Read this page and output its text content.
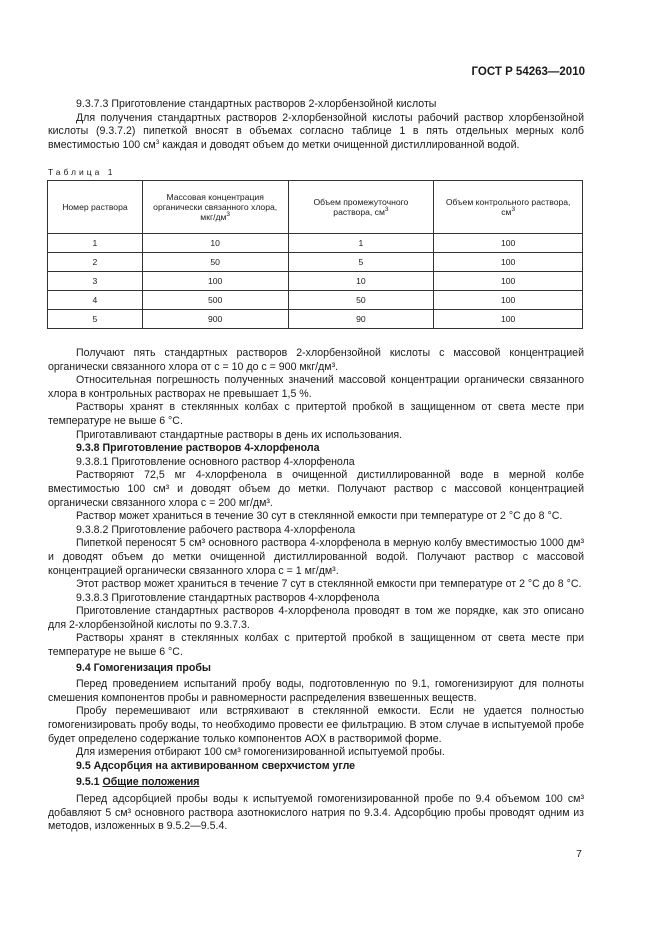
ГОСТ Р 54263—2010

9.3.7.3 Приготовление стандартных растворов 2-хлорбензойной кислоты

Для получения стандартных растворов 2-хлорбензойной кислоты рабочий раствор хлорбензойной кислоты (9.3.7.2) пипеткой вносят в объемах согласно таблице 1 в пять отдельных мерных колб вместимостью 100 $см^3$ каждая и доводят объем до метки очищенной дистиллированной водой.

Таблица 1
Номер раствора	Массовая концентрация органически связанного хлора, мкг/$дм^3$	Объем промежуточного раствора, $см^3$	Объем контрольного раствора, $см^3$
1	10	1	100
2	50	5	100
3	100	10	100
4	500	50	100
5	900	90	100

Получают пять стандартных растворов 2-хлорбензойной кислоты с массовой концентрацией органически связанного хлора от c = 10 до c = 900 мкг/дм³.

Относительная погрешность полученных значений массовой концентрации органически связанного хлора в контрольных растворах не превышает 1,5 %.

Растворы хранят в стеклянных колбах с притертой пробкой в защищенном от света месте при температуре не выше 6 °С.

Приготавливают стандартные растворы в день их использования.

9.3.8 Приготовление растворов 4-хлорфенола

9.3.8.1 Приготовление основного раствор 4-хлорфенола

Растворяют 72,5 мг 4-хлорфенола в очищенной дистиллированной воде в мерной колбе вместимостью 100 см³ и доводят объем до метки. Получают раствор с массовой концентрацией органически связанного хлора c = 200 мг/дм³.

Раствор может храниться в течение 30 сут в стеклянной емкости при температуре от 2 °С до 8 °С.

9.3.8.2 Приготовление рабочего раствора 4-хлорфенола

Пипеткой переносят 5 см³ основного раствора 4-хлорфенола в мерную колбу вместимостью 1000 дм³ и доводят объем до метки очищенной дистиллированной водой. Получают раствор с массовой концентрацией органически связанного хлора c = 1 мг/дм³.

Этот раствор может храниться в течение 7 сут в стеклянной емкости при температуре от 2 °С до 8 °С.

9.3.8.3 Приготовление стандартных растворов 4-хлорфенола

Приготовление стандартных растворов 4-хлорфенола проводят в том же порядке, как это описано для 2-хлорбензойной кислоты по 9.3.7.3.

Растворы хранят в стеклянных колбах с притертой пробкой в защищенном от света месте при температуре не выше 6 °С.

9.4 Гомогенизация пробы

Перед проведением испытаний пробу воды, подготовленную по 9.1, гомогенизируют для полноты смешения компонентов пробы и равномерности распределения взвешенных веществ.

Пробу перемешивают или встряхивают в стеклянной емкости. Если не удается полностью гомогенизировать пробу воды, то необходимо провести ее фильтрацию. В этом случае в испытуемой пробе будет определено содержание только компонентов АОХ в растворимой форме.

Для измерения отбирают 100 см³ гомогенизированной испытуемой пробы.

9.5 Адсорбция на активированном сверхчистом угле

9.5.1 Общие положения

Перед адсорбцией пробы воды к испытуемой гомогенизированной пробе по 9.4 объемом 100 см³ добавляют 5 см³ основного раствора азотнокислого натрия по 9.3.4. Адсорбцию пробы проводят одним из методов, изложенных в 9.5.2—9.5.4.

7
